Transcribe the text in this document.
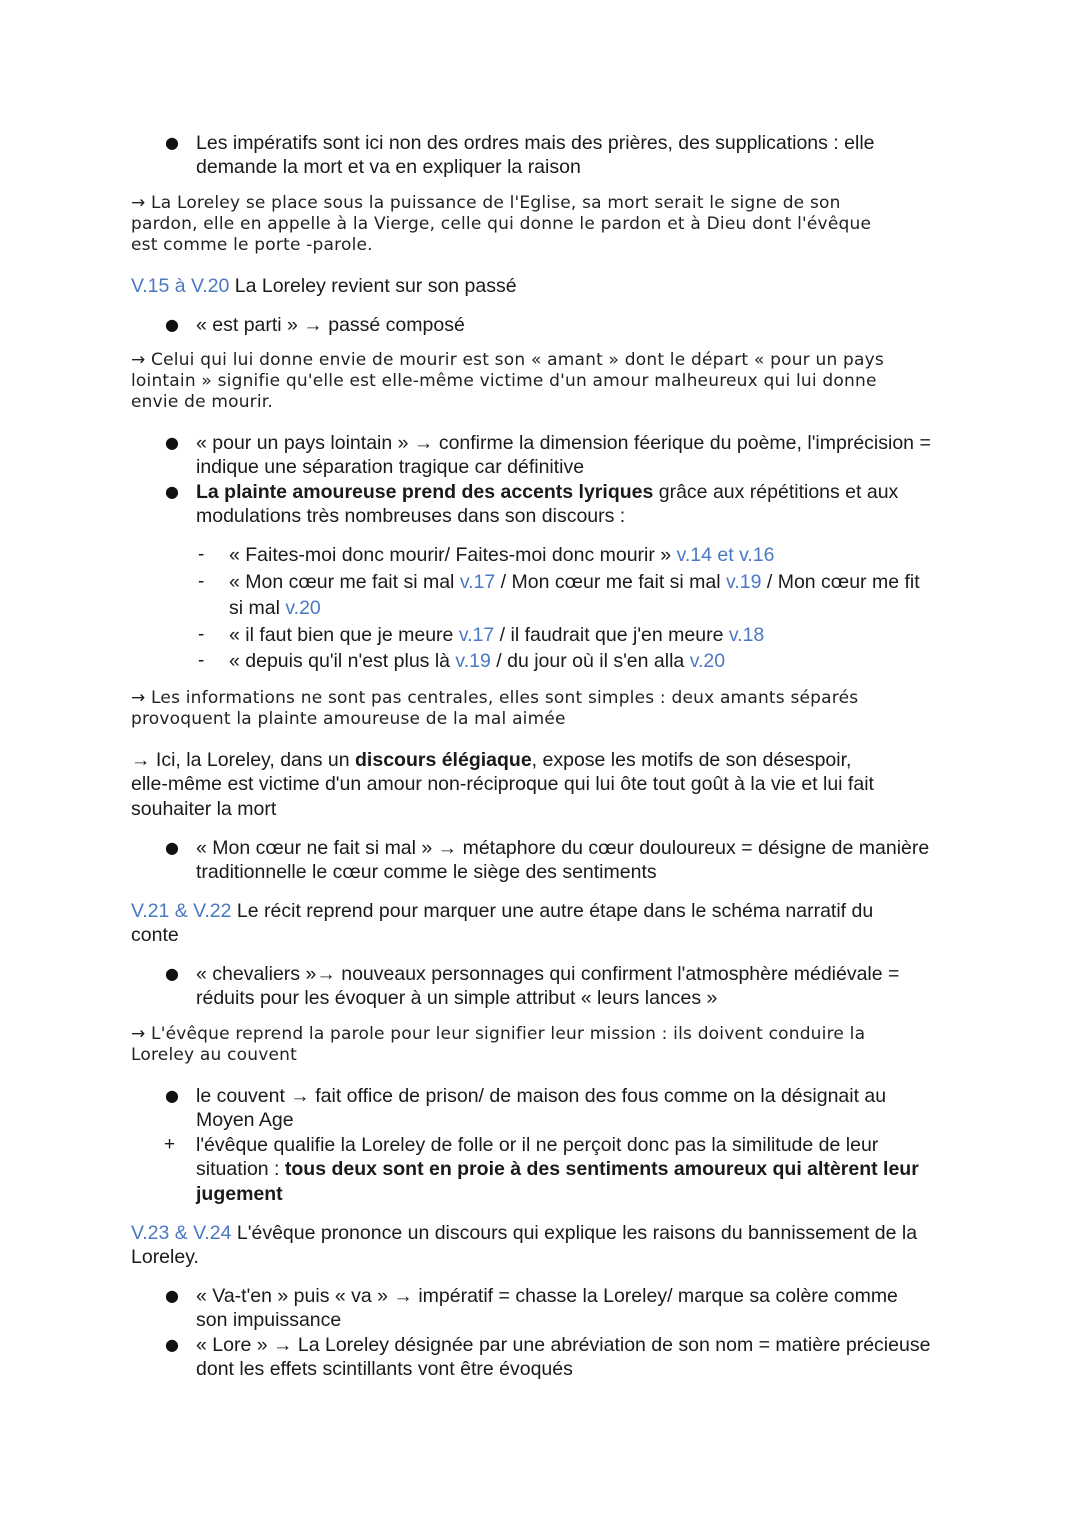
● Les impératifs sont ici non des ordres mais des prières, des supplications : elle
demande la mort et va en expliquer la raison
→ La Loreley se place sous la puissance de l'Eglise, sa mort serait le signe de son
pardon, elle en appelle à la Vierge, celle qui donne le pardon et à Dieu dont l'évêque
est comme le porte -parole.
V.15 à V.20 La Loreley revient sur son passé
● « est parti » → passé composé
→ Celui qui lui donne envie de mourir est son « amant » dont le départ « pour un pays
lointain » signifie qu'elle est elle-même victime d'un amour malheureux qui lui donne
envie de mourir.
● « pour un pays lointain » → confirme la dimension féerique du poème, l'imprécision =
indique une séparation tragique car définitive
● La plainte amoureuse prend des accents lyriques grâce aux répétitions et aux
modulations très nombreuses dans son discours :
- « Faites-moi donc mourir/ Faites-moi donc mourir » v.14 et v.16
- « Mon cœur me fait si mal v.17 / Mon cœur me fait si mal v.19 / Mon cœur me fit
si mal v.20
- « il faut bien que je meure v.17 / il faudrait que j'en meure v.18
- « depuis qu'il n'est plus là v.19 / du jour où il s'en alla v.20
→ Les informations ne sont pas centrales, elles sont simples : deux amants séparés
provoquent la plainte amoureuse de la mal aimée
→ Ici, la Loreley, dans un discours élégiaque, expose les motifs de son désespoir,
elle-même est victime d'un amour non-réciproque qui lui ôte tout goût à la vie et lui fait
souhaiter la mort
● « Mon cœur ne fait si mal » → métaphore du cœur douloureux = désigne de manière
traditionnelle le cœur comme le siège des sentiments
V.21 & V.22 Le récit reprend pour marquer une autre étape dans le schéma narratif du
conte
● « chevaliers »→ nouveaux personnages qui confirment l'atmosphère médiévale =
réduits pour les évoquer à un simple attribut « leurs lances »
→ L'évêque reprend la parole pour leur signifier leur mission : ils doivent conduire la
Loreley au couvent
● le couvent → fait office de prison/ de maison des fous comme on la désignait au
Moyen Age
+ l'évêque qualifie la Loreley de folle or il ne perçoit donc pas la similitude de leur
situation : tous deux sont en proie à des sentiments amoureux qui altèrent leur
jugement
V.23 & V.24 L'évêque prononce un discours qui explique les raisons du bannissement de la
Loreley.
● « Va-t'en » puis « va » → impératif = chasse la Loreley/ marque sa colère comme
son impuissance
● « Lore » → La Loreley désignée par une abréviation de son nom = matière précieuse
dont les effets scintillants vont être évoqués
